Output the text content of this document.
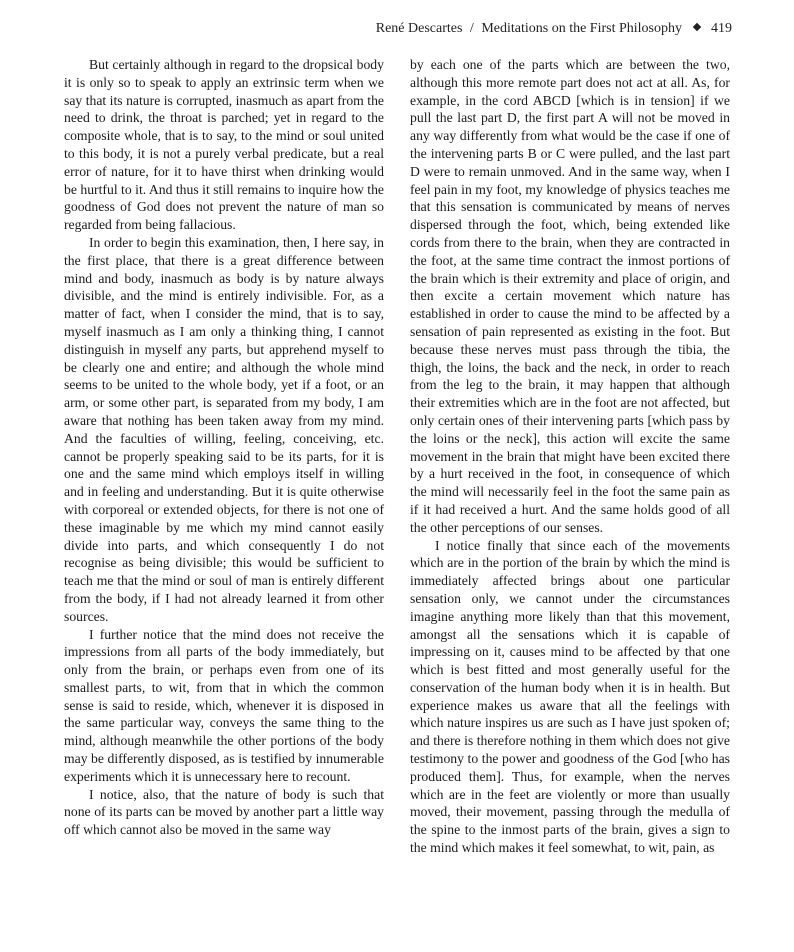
René Descartes / Meditations on the First Philosophy 419

But certainly although in regard to the dropsical body it is only so to speak to apply an extrinsic term when we say that its nature is corrupted, inasmuch as apart from the need to drink, the throat is parched; yet in regard to the composite whole, that is to say, to the mind or soul united to this body, it is not a purely verbal predicate, but a real error of nature, for it to have thirst when drinking would be hurtful to it. And thus it still remains to inquire how the goodness of God does not prevent the nature of man so regarded from being fallacious.

In order to begin this examination, then, I here say, in the first place, that there is a great difference between mind and body, inasmuch as body is by nature always divisible, and the mind is entirely indivisible. For, as a matter of fact, when I consider the mind, that is to say, myself inasmuch as I am only a thinking thing, I cannot distinguish in myself any parts, but apprehend myself to be clearly one and entire; and although the whole mind seems to be united to the whole body, yet if a foot, or an arm, or some other part, is separated from my body, I am aware that nothing has been taken away from my mind. And the faculties of willing, feeling, conceiving, etc. cannot be properly speaking said to be its parts, for it is one and the same mind which employs itself in willing and in feeling and understanding. But it is quite otherwise with corporeal or extended objects, for there is not one of these imaginable by me which my mind cannot easily divide into parts, and which consequently I do not recognise as being divisible; this would be sufficient to teach me that the mind or soul of man is entirely different from the body, if I had not already learned it from other sources.

I further notice that the mind does not receive the impressions from all parts of the body immediately, but only from the brain, or perhaps even from one of its smallest parts, to wit, from that in which the common sense is said to reside, which, whenever it is disposed in the same particular way, conveys the same thing to the mind, although meanwhile the other portions of the body may be differently disposed, as is testified by innumerable experiments which it is unnecessary here to recount.

I notice, also, that the nature of body is such that none of its parts can be moved by another part a little way off which cannot also be moved in the same way

by each one of the parts which are between the two, although this more remote part does not act at all. As, for example, in the cord ABCD [which is in tension] if we pull the last part D, the first part A will not be moved in any way differently from what would be the case if one of the intervening parts B or C were pulled, and the last part D were to remain unmoved. And in the same way, when I feel pain in my foot, my knowledge of physics teaches me that this sensation is communicated by means of nerves dispersed through the foot, which, being extended like cords from there to the brain, when they are contracted in the foot, at the same time contract the inmost portions of the brain which is their extremity and place of origin, and then excite a certain movement which nature has established in order to cause the mind to be affected by a sensation of pain represented as existing in the foot. But because these nerves must pass through the tibia, the thigh, the loins, the back and the neck, in order to reach from the leg to the brain, it may happen that although their extremities which are in the foot are not affected, but only certain ones of their intervening parts [which pass by the loins or the neck], this action will excite the same movement in the brain that might have been excited there by a hurt received in the foot, in consequence of which the mind will necessarily feel in the foot the same pain as if it had received a hurt. And the same holds good of all the other perceptions of our senses.

I notice finally that since each of the movements which are in the portion of the brain by which the mind is immediately affected brings about one particular sensation only, we cannot under the circumstances imagine anything more likely than that this movement, amongst all the sensations which it is capable of impressing on it, causes mind to be affected by that one which is best fitted and most generally useful for the conservation of the human body when it is in health. But experience makes us aware that all the feelings with which nature inspires us are such as I have just spoken of; and there is therefore nothing in them which does not give testimony to the power and goodness of the God [who has produced them]. Thus, for example, when the nerves which are in the feet are violently or more than usually moved, their movement, passing through the medulla of the spine to the inmost parts of the brain, gives a sign to the mind which makes it feel somewhat, to wit, pain, as
